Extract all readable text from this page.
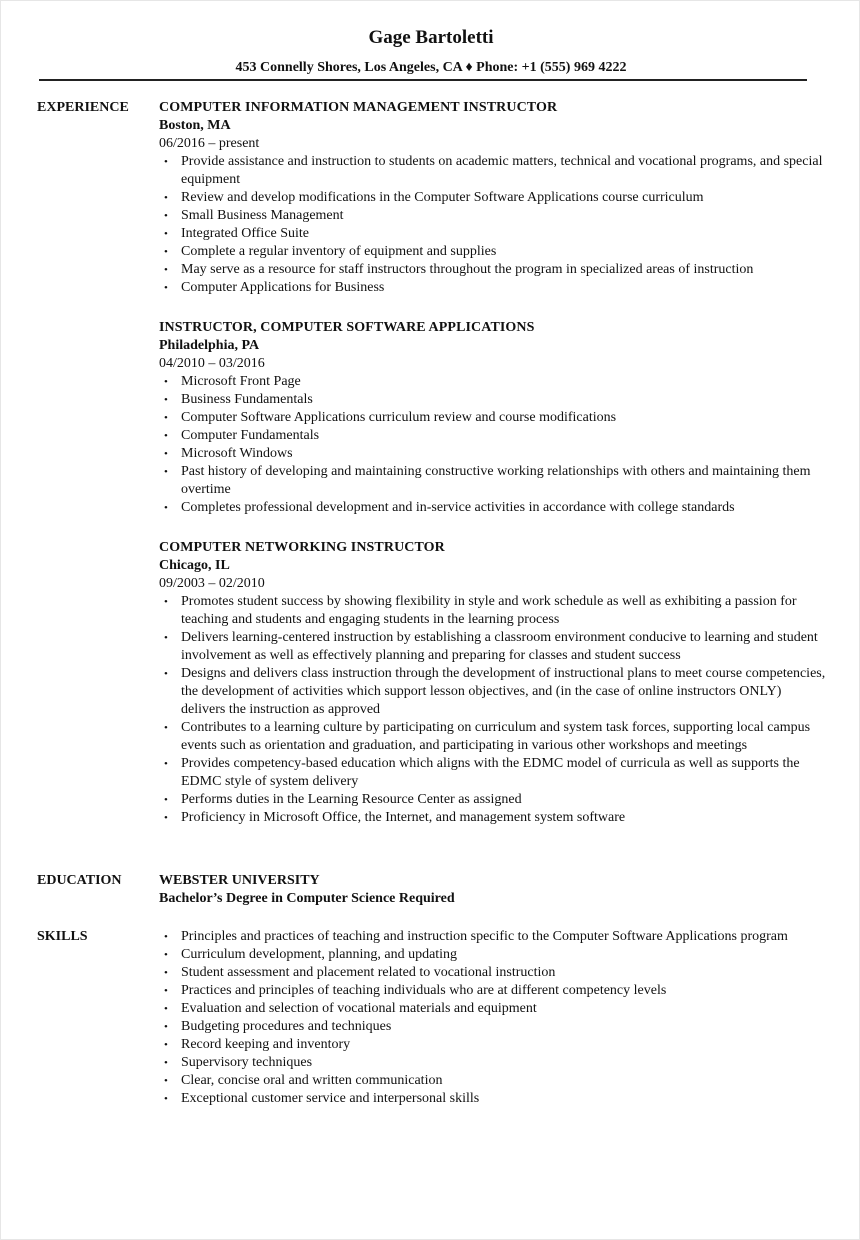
Gage Bartoletti
453 Connelly Shores, Los Angeles, CA ♦ Phone: +1 (555) 969 4222
EXPERIENCE	COMPUTER INFORMATION MANAGEMENT INSTRUCTOR
Boston, MA
06/2016 – present
• Provide assistance and instruction to students on academic matters, technical and vocational programs, and special equipment
• Review and develop modifications in the Computer Software Applications course curriculum
• Small Business Management
• Integrated Office Suite
• Complete a regular inventory of equipment and supplies
• May serve as a resource for staff instructors throughout the program in specialized areas of instruction
• Computer Applications for Business
INSTRUCTOR, COMPUTER SOFTWARE APPLICATIONS
Philadelphia, PA
04/2010 – 03/2016
• Microsoft Front Page
• Business Fundamentals
• Computer Software Applications curriculum review and course modifications
• Computer Fundamentals
• Microsoft Windows
• Past history of developing and maintaining constructive working relationships with others and maintaining them overtime
• Completes professional development and in-service activities in accordance with college standards
COMPUTER NETWORKING INSTRUCTOR
Chicago, IL
09/2003 – 02/2010
• Promotes student success by showing flexibility in style and work schedule as well as exhibiting a passion for teaching and students and engaging students in the learning process
• Delivers learning-centered instruction by establishing a classroom environment conducive to learning and student involvement as well as effectively planning and preparing for classes and student success
• Designs and delivers class instruction through the development of instructional plans to meet course competencies, the development of activities which support lesson objectives, and (in the case of online instructors ONLY) delivers the instruction as approved
• Contributes to a learning culture by participating on curriculum and system task forces, supporting local campus events such as orientation and graduation, and participating in various other workshops and meetings
• Provides competency-based education which aligns with the EDMC model of curricula as well as supports the EDMC style of system delivery
• Performs duties in the Learning Resource Center as assigned
• Proficiency in Microsoft Office, the Internet, and management system software
EDUCATION	WEBSTER UNIVERSITY
Bachelor’s Degree in Computer Science Required
SKILLS	• Principles and practices of teaching and instruction specific to the Computer Software Applications program
• Curriculum development, planning, and updating
• Student assessment and placement related to vocational instruction
• Practices and principles of teaching individuals who are at different competency levels
• Evaluation and selection of vocational materials and equipment
• Budgeting procedures and techniques
• Record keeping and inventory
• Supervisory techniques
• Clear, concise oral and written communication
• Exceptional customer service and interpersonal skills
